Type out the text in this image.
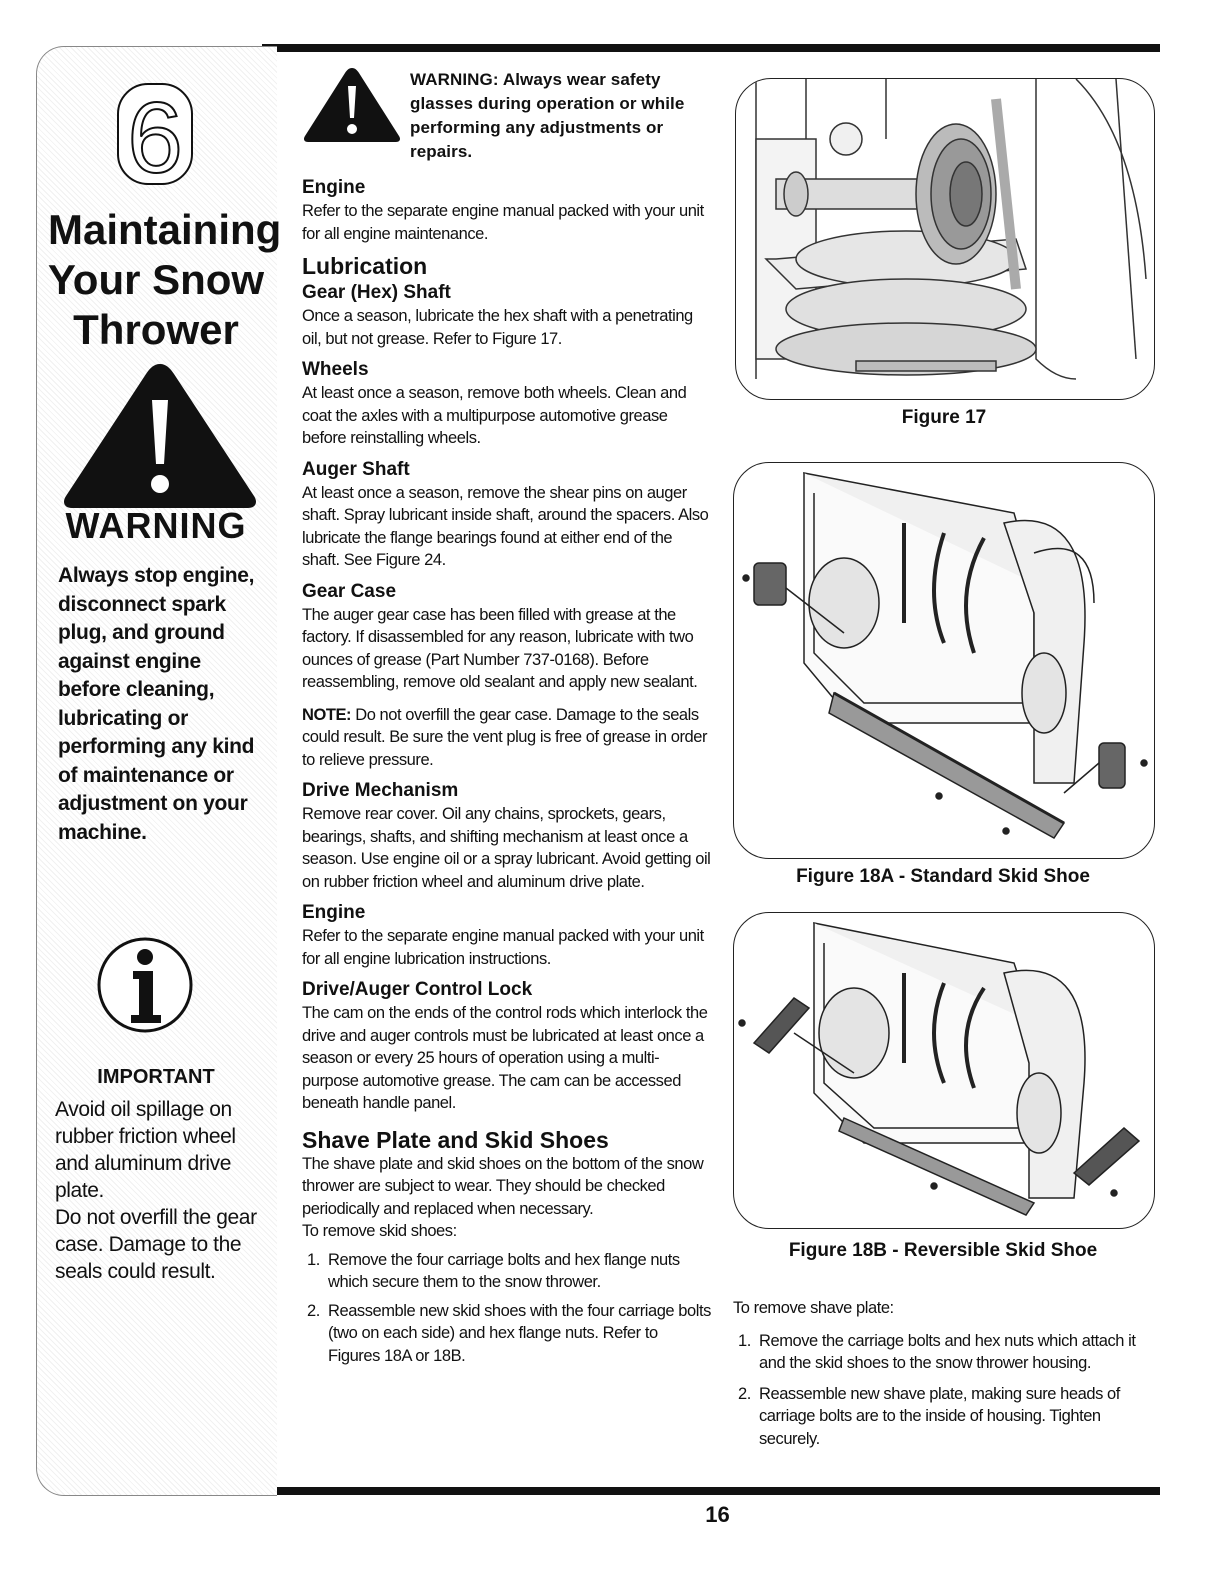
6
Maintaining
Your Snow
Thrower
WARNING
Always stop engine, disconnect spark plug, and ground against engine before cleaning, lubricating or performing any kind of maintenance or adjustment on your machine.
IMPORTANT

Avoid oil spillage on rubber friction wheel and aluminum drive plate.

Do not overfill the gear case. Damage to the seals could result.

WARNING: Always wear safety glasses during operation or while performing any adjustments or repairs.
Engine

Refer to the separate engine manual packed with your unit for all engine maintenance.

Lubrication
Gear (Hex) Shaft

Once a season, lubricate the hex shaft with a penetrating oil, but not grease. Refer to Figure 17.

Wheels

At least once a season, remove both wheels. Clean and coat the axles with a multipurpose automotive grease before reinstalling wheels.

Auger Shaft

At least once a season, remove the shear pins on auger shaft. Spray lubricant inside shaft, around the spacers. Also lubricate the flange bearings found at either end of the shaft. See Figure 24.

Gear Case

The auger gear case has been filled with grease at the factory. If disassembled for any reason, lubricate with two ounces of grease (Part Number 737-0168). Before reassembling, remove old sealant and apply new sealant.

NOTE: Do not overfill the gear case. Damage to the seals could result. Be sure the vent plug is free of grease in order to relieve pressure.

Drive Mechanism

Remove rear cover. Oil any chains, sprockets, gears, bearings, shafts, and shifting mechanism at least once a season. Use engine oil or a spray lubricant. Avoid getting oil on rubber friction wheel and aluminum drive plate.

Engine

Refer to the separate engine manual packed with your unit for all engine lubrication instructions.

Drive/Auger Control Lock

The cam on the ends of the control rods which interlock the drive and auger controls must be lubricated at least once a season or every 25 hours of operation using a multi-purpose automotive grease. The cam can be accessed beneath handle panel.

Shave Plate and Skid Shoes

The shave plate and skid shoes on the bottom of the snow thrower are subject to wear. They should be checked periodically and replaced when necessary.

To remove skid shoes:

1. Remove the four carriage bolts and hex flange nuts which secure them to the snow thrower.
2. Reassemble new skid shoes with the four carriage bolts (two on each side) and hex flange nuts. Refer to Figures 18A or 18B.
Figure 17
Figure 18A - Standard Skid Shoe
Figure 18B - Reversible Skid Shoe

To remove shave plate:

1. Remove the carriage bolts and hex nuts which attach it and the skid shoes to the snow thrower housing.
2. Reassemble new shave plate, making sure heads of carriage bolts are to the inside of housing. Tighten securely.
16
